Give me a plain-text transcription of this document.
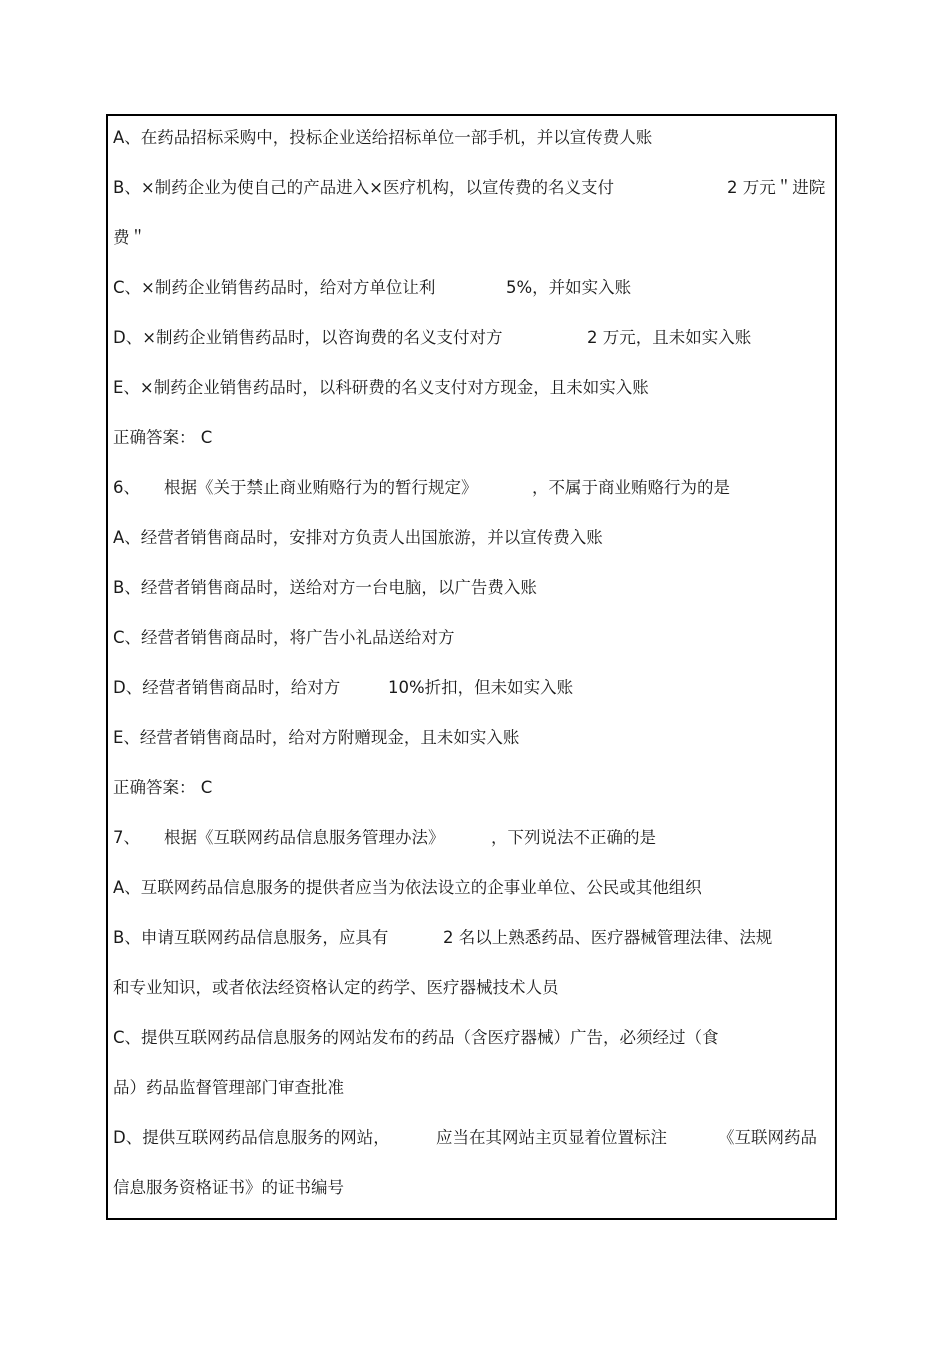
A、在药品招标采购中，投标企业送给招标单位一部手机，并以宣传费人账
B、×制药企业为使自己的产品进入×医疗机构，以宣传费的名义支付	2 万元＂进院
费＂
C、×制药企业销售药品时，给对方单位让利	5%，并如实入账
D、×制药企业销售药品时，以咨询费的名义支付对方	2 万元，且未如实入账
E、×制药企业销售药品时，以科研费的名义支付对方现金，且未如实入账
正确答案： C
6、 根据《关于禁止商业贿赂行为的暂行规定》	，不属于商业贿赂行为的是
A、经营者销售商品时，安排对方负责人出国旅游，并以宣传费入账
B、经营者销售商品时，送给对方一台电脑，以广告费入账
C、经营者销售商品时，将广告小礼品送给对方
D、经营者销售商品时，给对方	10%折扣，但未如实入账
E、经营者销售商品时，给对方附赠现金，且未如实入账
正确答案： C
7、 根据《互联网药品信息服务管理办法》	，下列说法不正确的是
A、互联网药品信息服务的提供者应当为依法设立的企事业单位、公民或其他组织
B、申请互联网药品信息服务，应具有	2 名以上熟悉药品、医疗器械管理法律、法规
和专业知识，或者依法经资格认定的药学、医疗器械技术人员
C、提供互联网药品信息服务的网站发布的药品（含医疗器械）广告，必须经过（食
品）药品监督管理部门审查批准
D、提供互联网药品信息服务的网站，	应当在其网站主页显着位置标注	《互联网药品
信息服务资格证书》的证书编号
